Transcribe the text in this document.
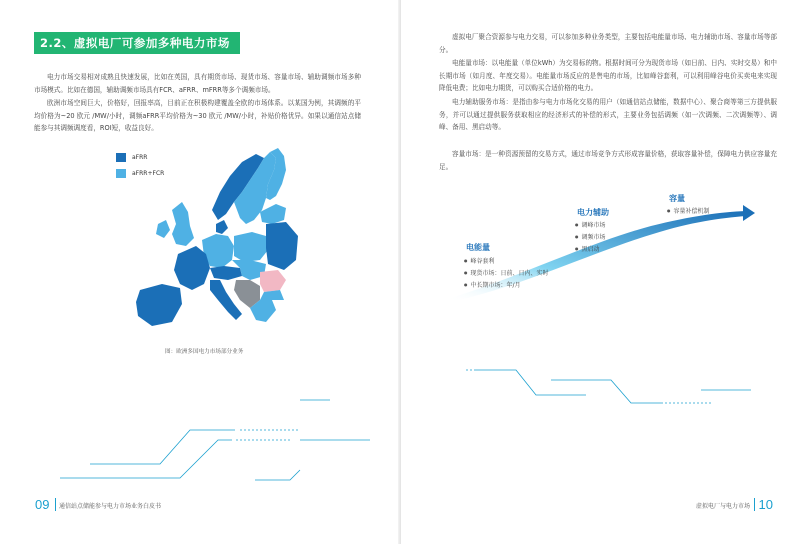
2.2、虚拟电厂可参加多种电力市场业务

电力市场交易相对成熟且快速发展，比如在英国，具有期货市场、现货市场、容量市场、辅助调频市场多种市场模式。比如在德国，辅助调频市场具有FCR、aFRR、mFRR等多个调频市场。

欧洲市场空间巨大，价格好，回报率高，目前正在积极构建覆盖全欧的市场体系。以某国为例，其调频的平均价格为~20 欧元 /MW/小时，调频aFRR平均价格为~30 欧元 /MW/小时，补贴价格优异。如果以通信站点储能参与其调频调度看，ROI短，收益良好。

aFRR
aFRR+FCR
图：欧洲多国电力市场部分业务
09 通信站点储能参与电力市场业务白皮书

虚拟电厂聚合资源参与电力交易，可以参加多种业务类型，主要包括电能量市场、电力辅助市场、容量市场等部分。

电能量市场：以电能量（单位kWh）为交易标的物。根据时间可分为现货市场（如日前、日内、实时交易）和中长期市场（如月度、年度交易）。电能量市场反应的是售电的市场，比如峰谷套利，可以利用峰谷电价买卖电来实现降低电费；比如电力期货，可以购买合适价格的电力。

电力辅助服务市场：是指由参与电力市场化交易的用户（如通信站点储能，数据中心）、聚合商等第三方提供服务，并可以通过提供服务获取相应的经济形式的补偿的形式，主要业务包括调频（如一次调频、二次调频等）、调峰、备用、黑启动等。

容量市场：是一种资源预留的交易方式，通过市场竞争方式形成容量价格，获取容量补偿，保障电力供应容量充足。

电能量
● 峰谷套利
● 现货市场：日前、日内、实时
● 中长期市场：年/月
电力辅助
● 调峰市场
● 调频市场
● 黑启动
容量
● 容量补偿机制
虚拟电厂与电力市场 10
